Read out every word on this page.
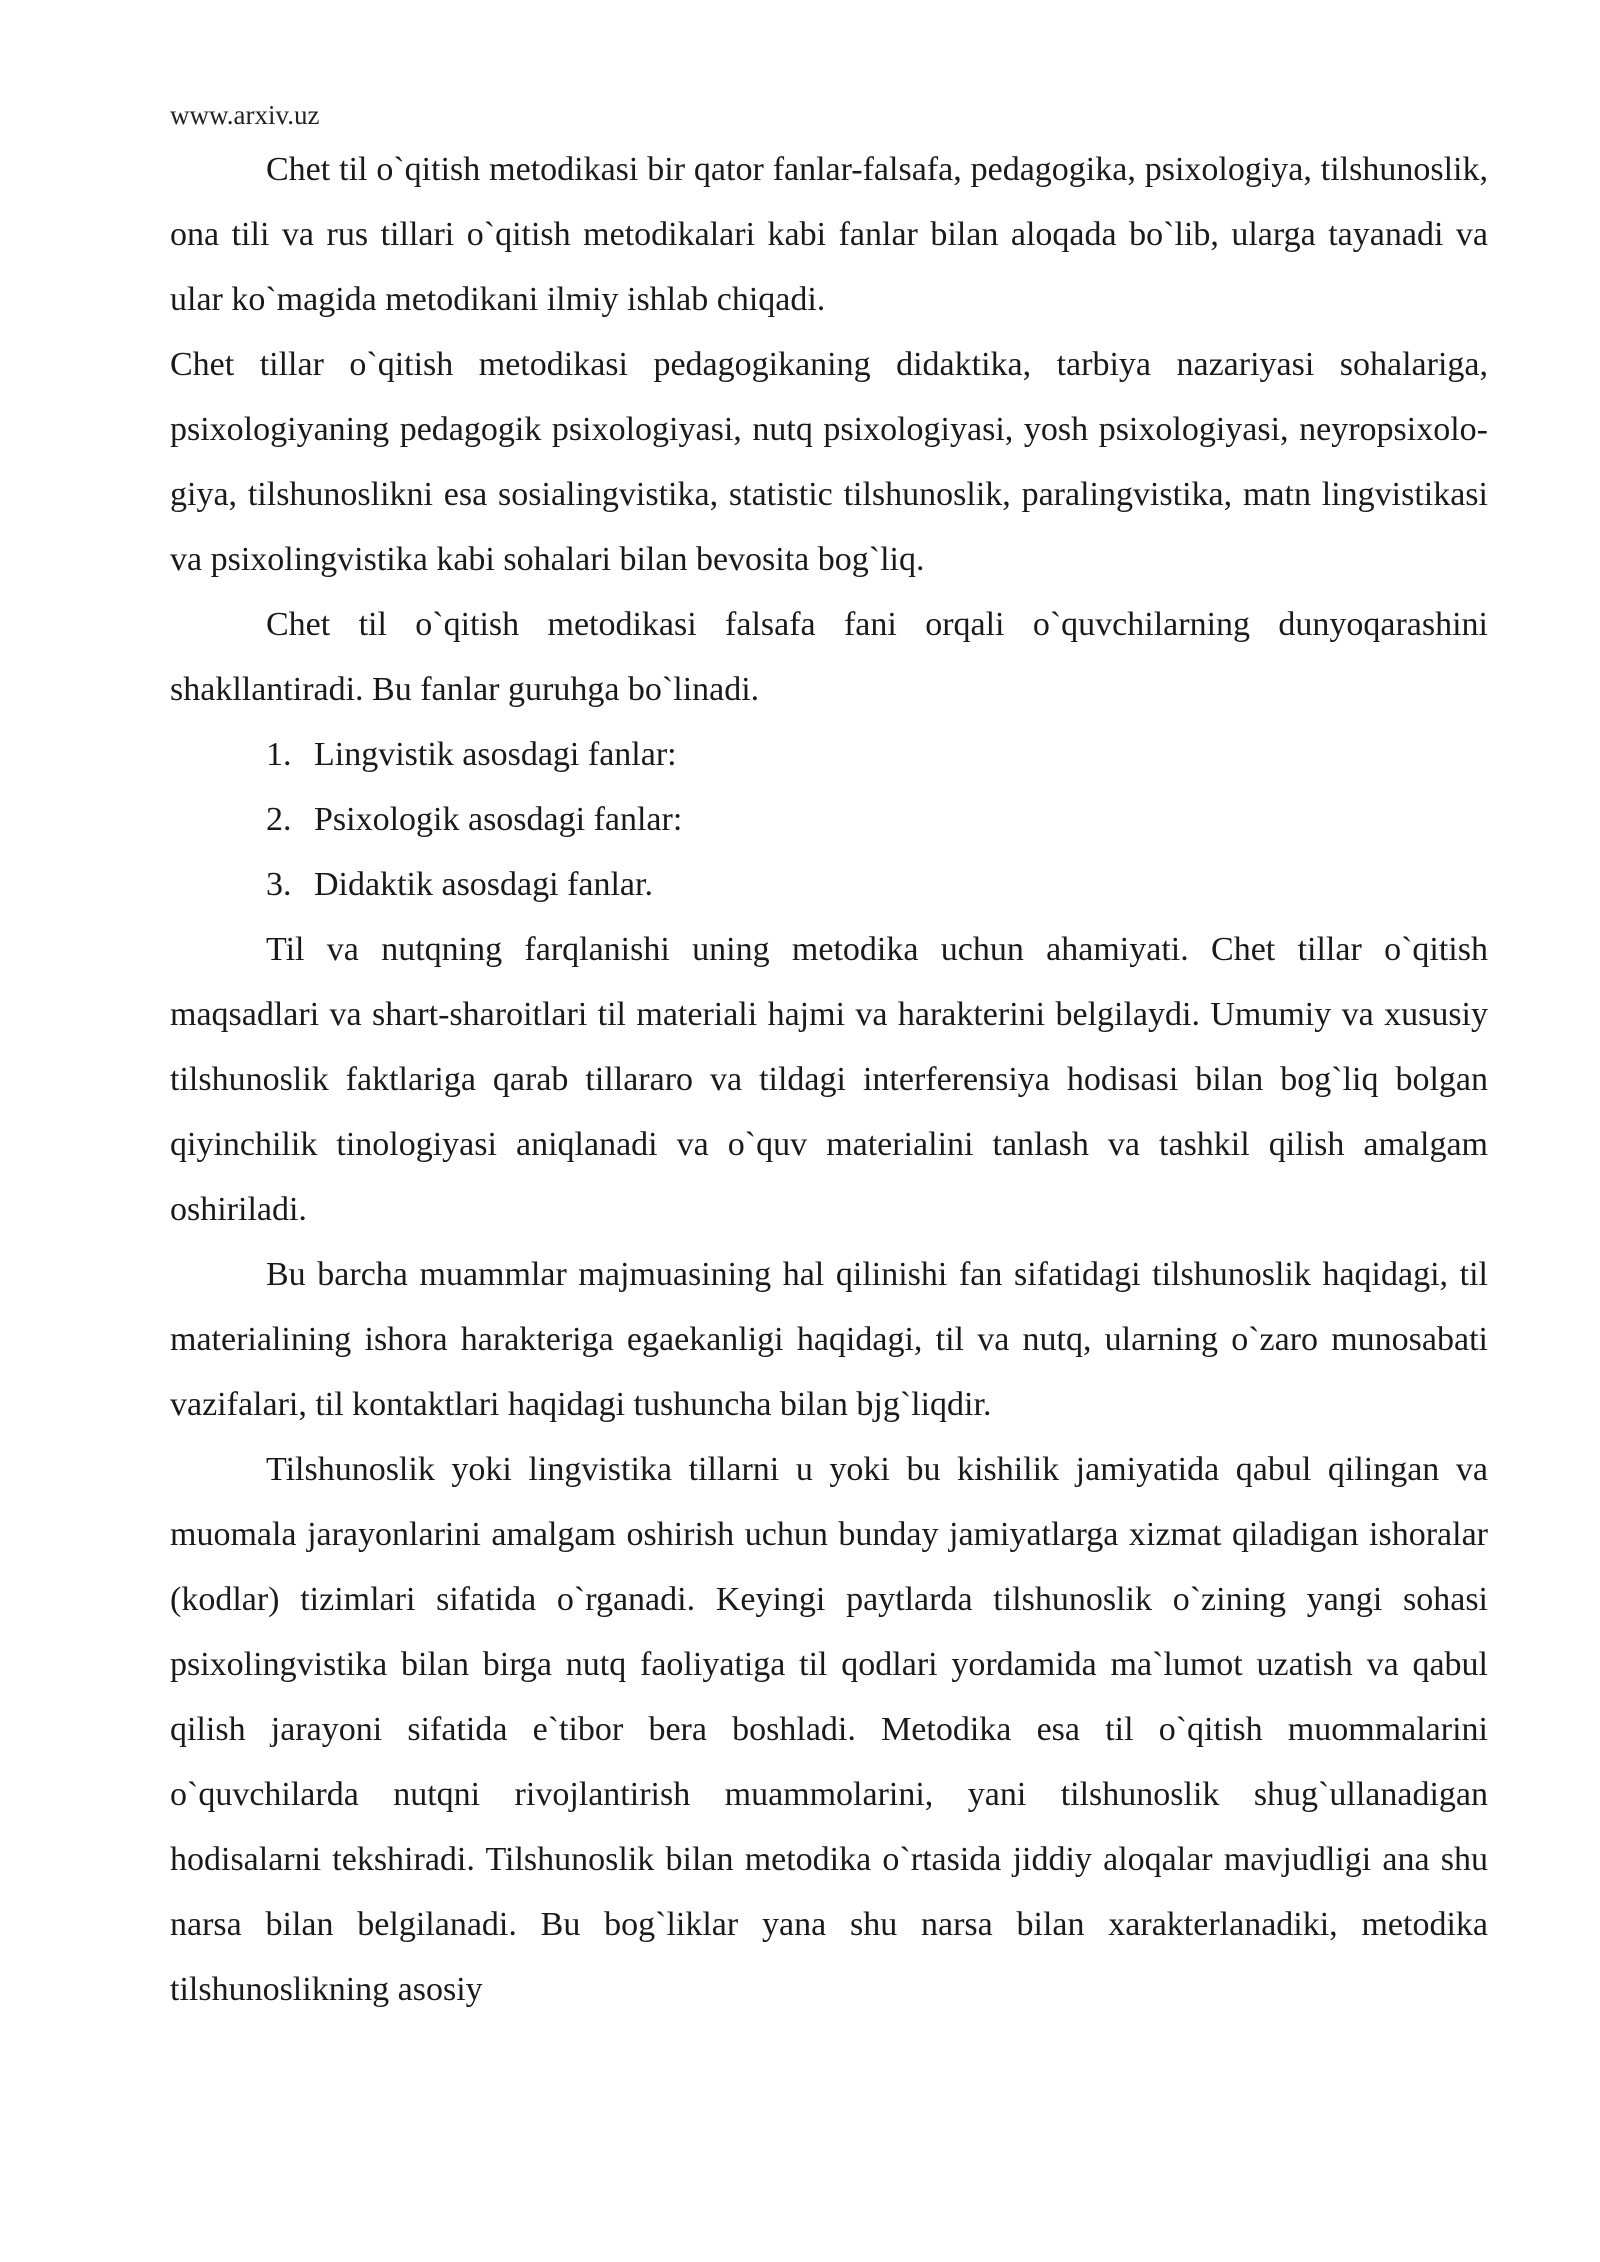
www.arxiv.uz

Chet til o`qitish metodikasi bir qator fanlar-falsafa, pedagogika, psixologiya, tilshunoslik, ona tili va rus tillari o`qitish metodikalari kabi fanlar bilan aloqada bo`lib, ularga tayanadi va ular ko`magida metodikani ilmiy ishlab chiqadi.

Chet tillar o`qitish metodikasi pedagogikaning didaktika, tarbiya nazariyasi sohalariga, psixologiyaning pedagogik psixologiyasi, nutq psixologiyasi, yosh psixologiyasi, neyropsixolo-giya, tilshunoslikni esa sosialingvistika, statistic tilshunoslik, paralingvistika, matn lingvistikasi va psixolingvistika kabi sohalari bilan bevosita bog`liq.

Chet til o`qitish metodikasi falsafa fani orqali o`quvchilarning dunyoqarashini shakllantiradi. Bu fanlar guruhga bo`linadi.

1. Lingvistik asosdagi fanlar:
2. Psixologik asosdagi fanlar:
3. Didaktik asosdagi fanlar.

Til va nutqning farqlanishi uning metodika uchun ahamiyati. Chet tillar o`qitish maqsadlari va shart-sharoitlari til materiali hajmi va harakterini belgilaydi. Umumiy va xususiy tilshunoslik faktlariga qarab tillararo va tildagi interferensiya hodisasi bilan bog`liq bolgan qiyinchilik tinologiyasi aniqlanadi va o`quv materialini tanlash va tashkil qilish amalgam oshiriladi.

Bu barcha muammlar majmuasining hal qilinishi fan sifatidagi tilshunoslik haqidagi, til materialining ishora harakteriga egaekanligi haqidagi, til va nutq, ularning o`zaro munosabati vazifalari, til kontaktlari haqidagi tushuncha bilan bjg`liqdir.

Tilshunoslik yoki lingvistika tillarni u yoki bu kishilik jamiyatida qabul qilingan va muomala jarayonlarini amalgam oshirish uchun bunday jamiyatlarga xizmat qiladigan ishoralar (kodlar) tizimlari sifatida o`rganadi. Keyingi paytlarda tilshunoslik o`zining yangi sohasi psixolingvistika bilan birga nutq faoliyatiga til qodlari yordamida ma`lumot uzatish va qabul qilish jarayoni sifatida e`tibor bera boshladi. Metodika esa til o`qitish muommalarini o`quvchilarda nutqni rivojlantirish muammolarini, yani tilshunoslik shug`ullanadigan hodisalarni tekshiradi. Tilshunoslik bilan metodika o`rtasida jiddiy aloqalar mavjudligi ana shu narsa bilan belgilanadi. Bu bog`liklar yana shu narsa bilan xarakterlanadiki, metodika tilshunoslikning asosiy
